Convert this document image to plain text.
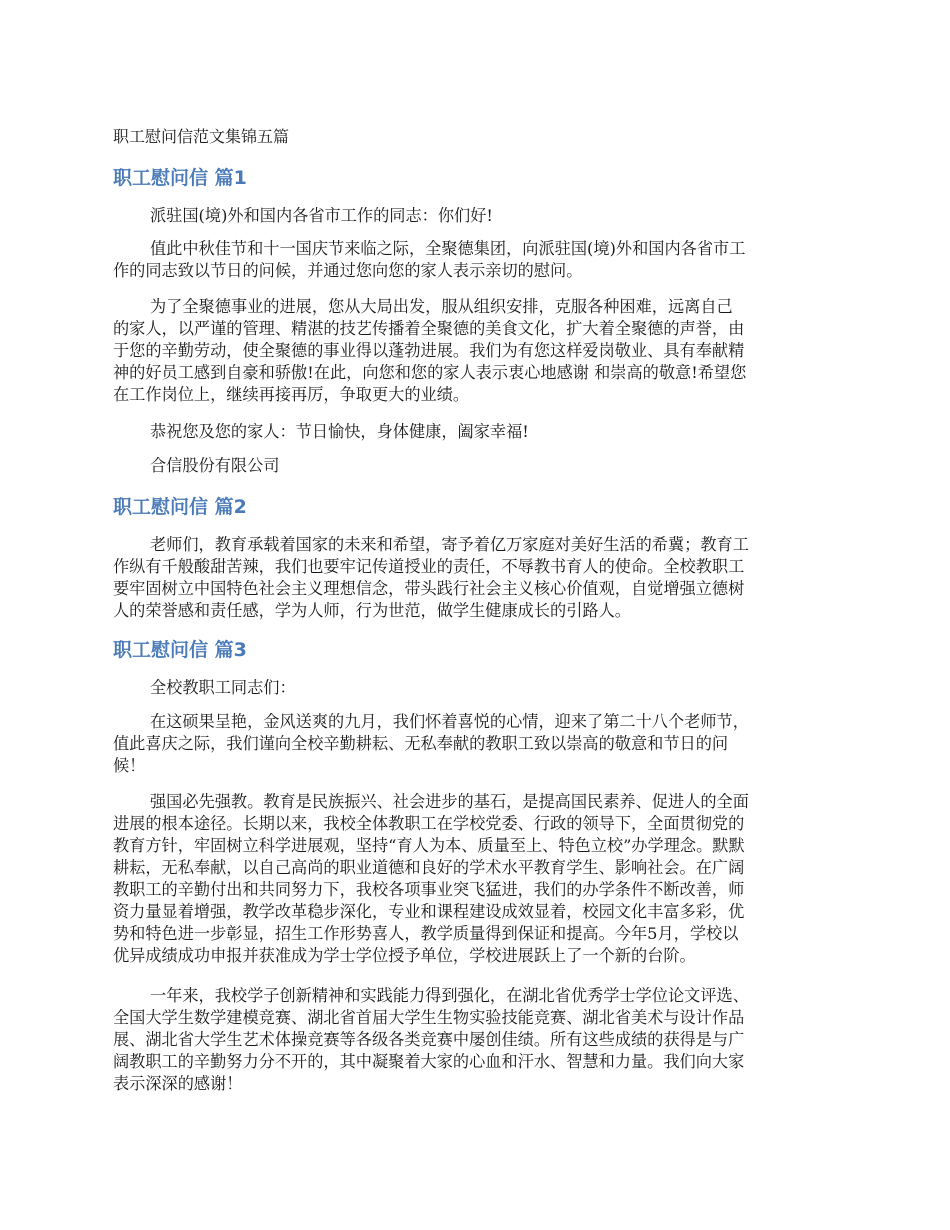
职工慰问信范文集锦五篇
职工慰问信 篇1
派驻国(境)外和国内各省市工作的同志：你们好!
值此中秋佳节和十一国庆节来临之际，全聚德集团，向派驻国(境)外和国内各省市工
作的同志致以节日的问候，并通过您向您的家人表示亲切的慰问。
为了全聚德事业的进展，您从大局出发，服从组织安排，克服各种困难，远离自己
的家人，以严谨的管理、精湛的技艺传播着全聚德的美食文化，扩大着全聚德的声誉，由
于您的辛勤劳动，使全聚德的事业得以蓬勃进展。我们为有您这样爱岗敬业、具有奉献精
神的好员工感到自豪和骄傲!在此，向您和您的家人表示衷心地感谢 和崇高的敬意!希望您
在工作岗位上，继续再接再厉，争取更大的业绩。
恭祝您及您的家人：节日愉快，身体健康，阖家幸福!
合信股份有限公司
职工慰问信 篇2
老师们，教育承载着国家的未来和希望，寄予着亿万家庭对美好生活的希冀；教育工
作纵有千般酸甜苦辣，我们也要牢记传道授业的责任，不辱教书育人的使命。全校教职工
要牢固树立中国特色社会主义理想信念，带头践行社会主义核心价值观，自觉增强立德树
人的荣誉感和责任感，学为人师，行为世范，做学生健康成长的引路人。
职工慰问信 篇3
全校教职工同志们：
在这硕果呈艳，金风送爽的九月，我们怀着喜悦的心情，迎来了第二十八个老师节，
值此喜庆之际，我们谨向全校辛勤耕耘、无私奉献的教职工致以崇高的敬意和节日的问
候！
强国必先强教。教育是民族振兴、社会进步的基石，是提高国民素养、促进人的全面
进展的根本途径。长期以来，我校全体教职工在学校党委、行政的领导下，全面贯彻党的
教育方针，牢固树立科学进展观，坚持“育人为本、质量至上、特色立校”办学理念。默默
耕耘，无私奉献，以自己高尚的职业道德和良好的学术水平教育学生、影响社会。在广阔
教职工的辛勤付出和共同努力下，我校各项事业突飞猛进，我们的办学条件不断改善，师
资力量显着增强，教学改革稳步深化，专业和课程建设成效显着，校园文化丰富多彩，优
势和特色进一步彰显，招生工作形势喜人，教学质量得到保证和提高。今年5月，学校以
优异成绩成功申报并获准成为学士学位授予单位，学校进展跃上了一个新的台阶。
一年来，我校学子创新精神和实践能力得到强化，在湖北省优秀学士学位论文评选、
全国大学生数学建模竞赛、湖北省首届大学生生物实验技能竞赛、湖北省美术与设计作品
展、湖北省大学生艺术体操竞赛等各级各类竞赛中屡创佳绩。所有这些成绩的获得是与广
阔教职工的辛勤努力分不开的，其中凝聚着大家的心血和汗水、智慧和力量。我们向大家
表示深深的感谢！
